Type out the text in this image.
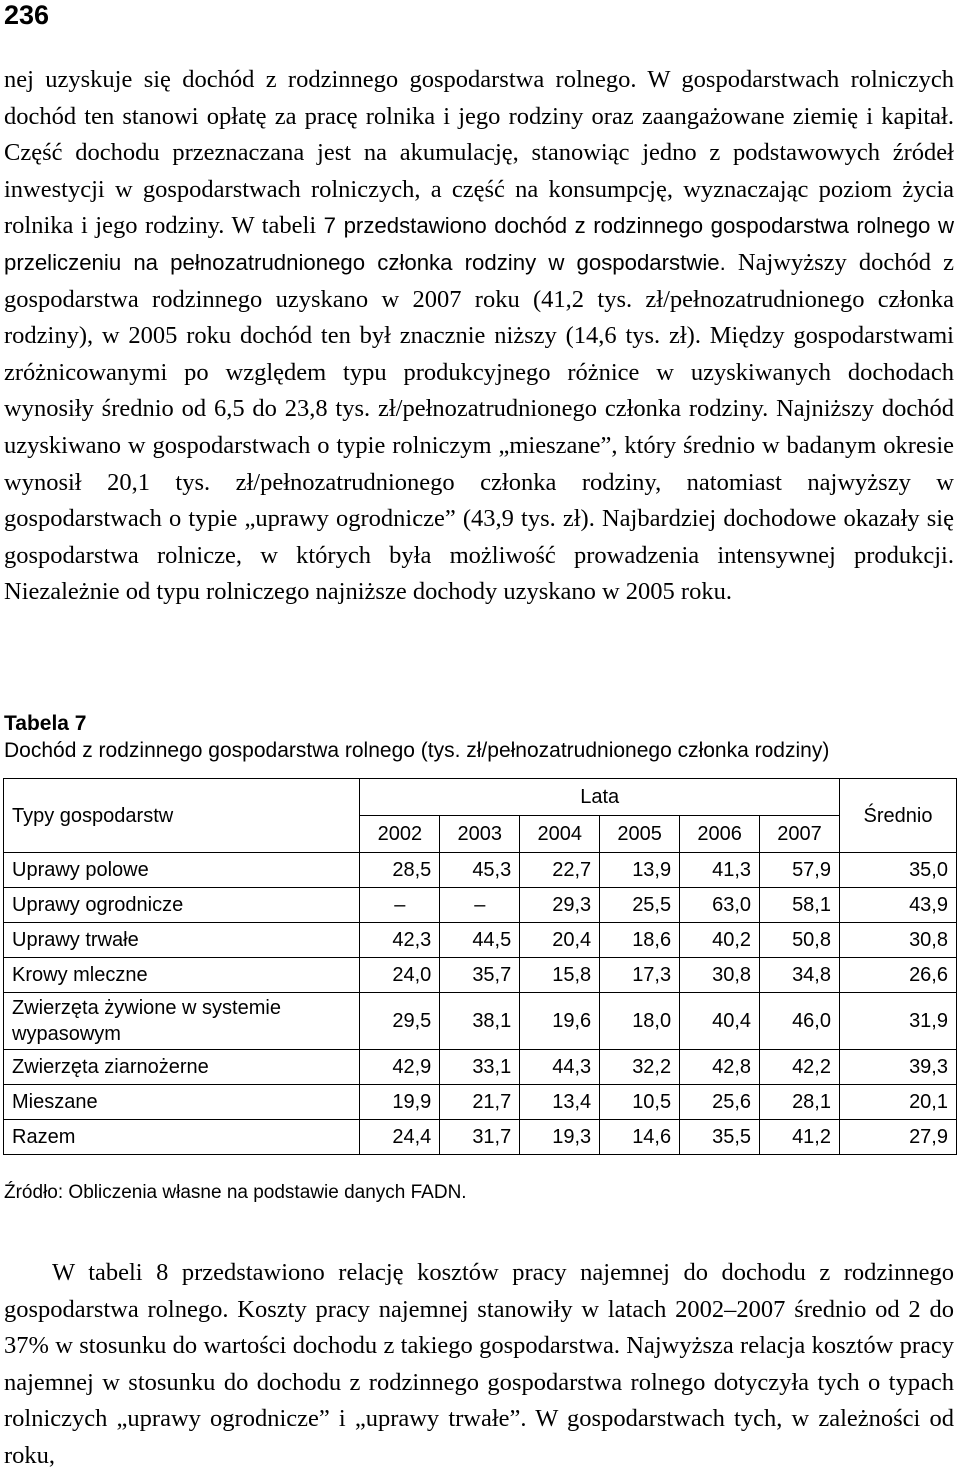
236

nej uzyskuje się dochód z rodzinnego gospodarstwa rolnego. W gospodarstwach rolniczych dochód ten stanowi opłatę za pracę rolnika i jego rodziny oraz zaangażowane ziemię i kapitał. Część dochodu przeznaczana jest na akumulację, stanowiąc jedno z podstawowych źródeł inwestycji w gospodarstwach rolniczych, a część na konsumpcję, wyznaczając poziom życia rolnika i jego rodziny. W tabeli 7 przedstawiono dochód z rodzinnego gospodarstwa rolnego w przeliczeniu na pełnozatrudnionego członka rodziny w gospodarstwie. Najwyższy dochód z gospodarstwa rodzinnego uzyskano w 2007 roku (41,2 tys. zł/pełnozatrudnionego członka rodziny), w 2005 roku dochód ten był znacznie niższy (14,6 tys. zł). Między gospodarstwami zróżnicowanymi po względem typu produkcyjnego różnice w uzyskiwanych dochodach wynosiły średnio od 6,5 do 23,8 tys. zł/pełnozatrudnionego członka rodziny. Najniższy dochód uzyskiwano w gospodarstwach o typie rolniczym „mieszane”, który średnio w badanym okresie wynosił 20,1 tys. zł/pełnozatrudnionego członka rodziny, natomiast najwyższy w gospodarstwach o typie „uprawy ogrodnicze” (43,9 tys. zł). Najbardziej dochodowe okazały się gospodarstwa rolnicze, w których była możliwość prowadzenia intensywnej produkcji. Niezależnie od typu rolniczego najniższe dochody uzyskano w 2005 roku.

Tabela 7
Dochód z rodzinnego gospodarstwa rolnego (tys. zł/pełnozatrudnionego członka rodziny)
Typy gospodarstw	Lata						Średnio
	2002	2003	2004	2005	2006	2007	
Uprawy polowe	28,5	45,3	22,7	13,9	41,3	57,9	35,0
Uprawy ogrodnicze	–	–	29,3	25,5	63,0	58,1	43,9
Uprawy trwałe	42,3	44,5	20,4	18,6	40,2	50,8	30,8
Krowy mleczne	24,0	35,7	15,8	17,3	30,8	34,8	26,6
Zwierzęta żywione w systemie
wypasowym	29,5	38,1	19,6	18,0	40,4	46,0	31,9
Zwierzęta ziarnożerne	42,9	33,1	44,3	32,2	42,8	42,2	39,3
Mieszane	19,9	21,7	13,4	10,5	25,6	28,1	20,1
Razem	24,4	31,7	19,3	14,6	35,5	41,2	27,9
Źródło: Obliczenia własne na podstawie danych FADN.

W tabeli 8 przedstawiono relację kosztów pracy najemnej do dochodu z rodzinnego gospodarstwa rolnego. Koszty pracy najemnej stanowiły w latach 2002–2007 średnio od 2 do 37% w stosunku do wartości dochodu z takiego gospodarstwa. Najwyższa relacja kosztów pracy najemnej w stosunku do dochodu z rodzinnego gospodarstwa rolnego dotyczyła tych o typach rolniczych „uprawy ogrodnicze” i „uprawy trwałe”. W gospodarstwach tych, w zależności od roku,
